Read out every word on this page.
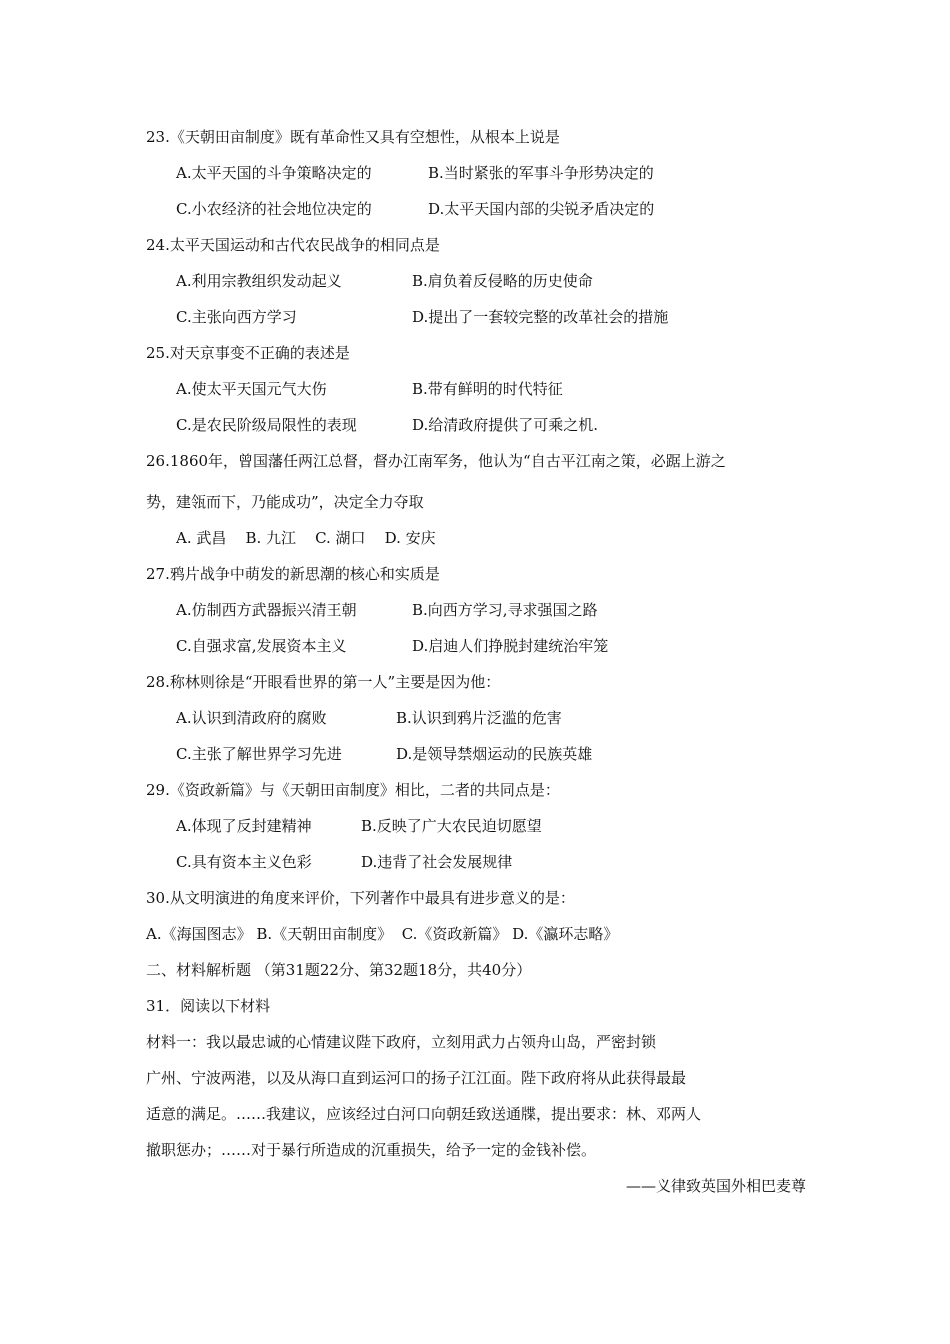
23.《天朝田亩制度》既有革命性又具有空想性，从根本上说是
A.太平天国的斗争策略决定的	B.当时紧张的军事斗争形势决定的
C.小农经济的社会地位决定的	D.太平天国内部的尖锐矛盾决定的
24.太平天国运动和古代农民战争的相同点是
A.利用宗教组织发动起义	B.肩负着反侵略的历史使命
C.主张向西方学习	D.提出了一套较完整的改革社会的措施
25.对天京事变不正确的表述是
A.使太平天国元气大伤	B.带有鲜明的时代特征
C.是农民阶级局限性的表现	D.给清政府提供了可乘之机.
26.1860年，曾国藩任两江总督，督办江南军务，他认为“自古平江南之策，必踞上游之
势，建瓴而下，乃能成功”，决定全力夺取
A. 武昌    B. 九江    C. 湖口    D. 安庆
27.鸦片战争中萌发的新思潮的核心和实质是
A.仿制西方武器振兴清王朝	B.向西方学习,寻求强国之路
C.自强求富,发展资本主义	D.启迪人们挣脱封建统治牢笼
28.称林则徐是“开眼看世界的第一人”主要是因为他：
A.认识到清政府的腐败	B.认识到鸦片泛滥的危害
C.主张了解世界学习先进	D.是领导禁烟运动的民族英雄
29.《资政新篇》与《天朝田亩制度》相比，二者的共同点是：
A.体现了反封建精神	B.反映了广大农民迫切愿望
C.具有资本主义色彩	D.违背了社会发展规律
30.从文明演进的角度来评价，下列著作中最具有进步意义的是：
A.《海国图志》 B.《天朝田亩制度》  C.《资政新篇》 D.《瀛环志略》
二、材料解析题 （第31题22分、第32题18分，共40分）
31．阅读以下材料
材料一：我以最忠诚的心情建议陛下政府，立刻用武力占领舟山岛，严密封锁
广州、宁波两港，以及从海口直到运河口的扬子江江面。陛下政府将从此获得最最
适意的满足。……我建议，应该经过白河口向朝廷致送通牒，提出要求：林、邓两人
撤职惩办；……对于暴行所造成的沉重损失，给予一定的金钱补偿。
——义律致英国外相巴麦尊
